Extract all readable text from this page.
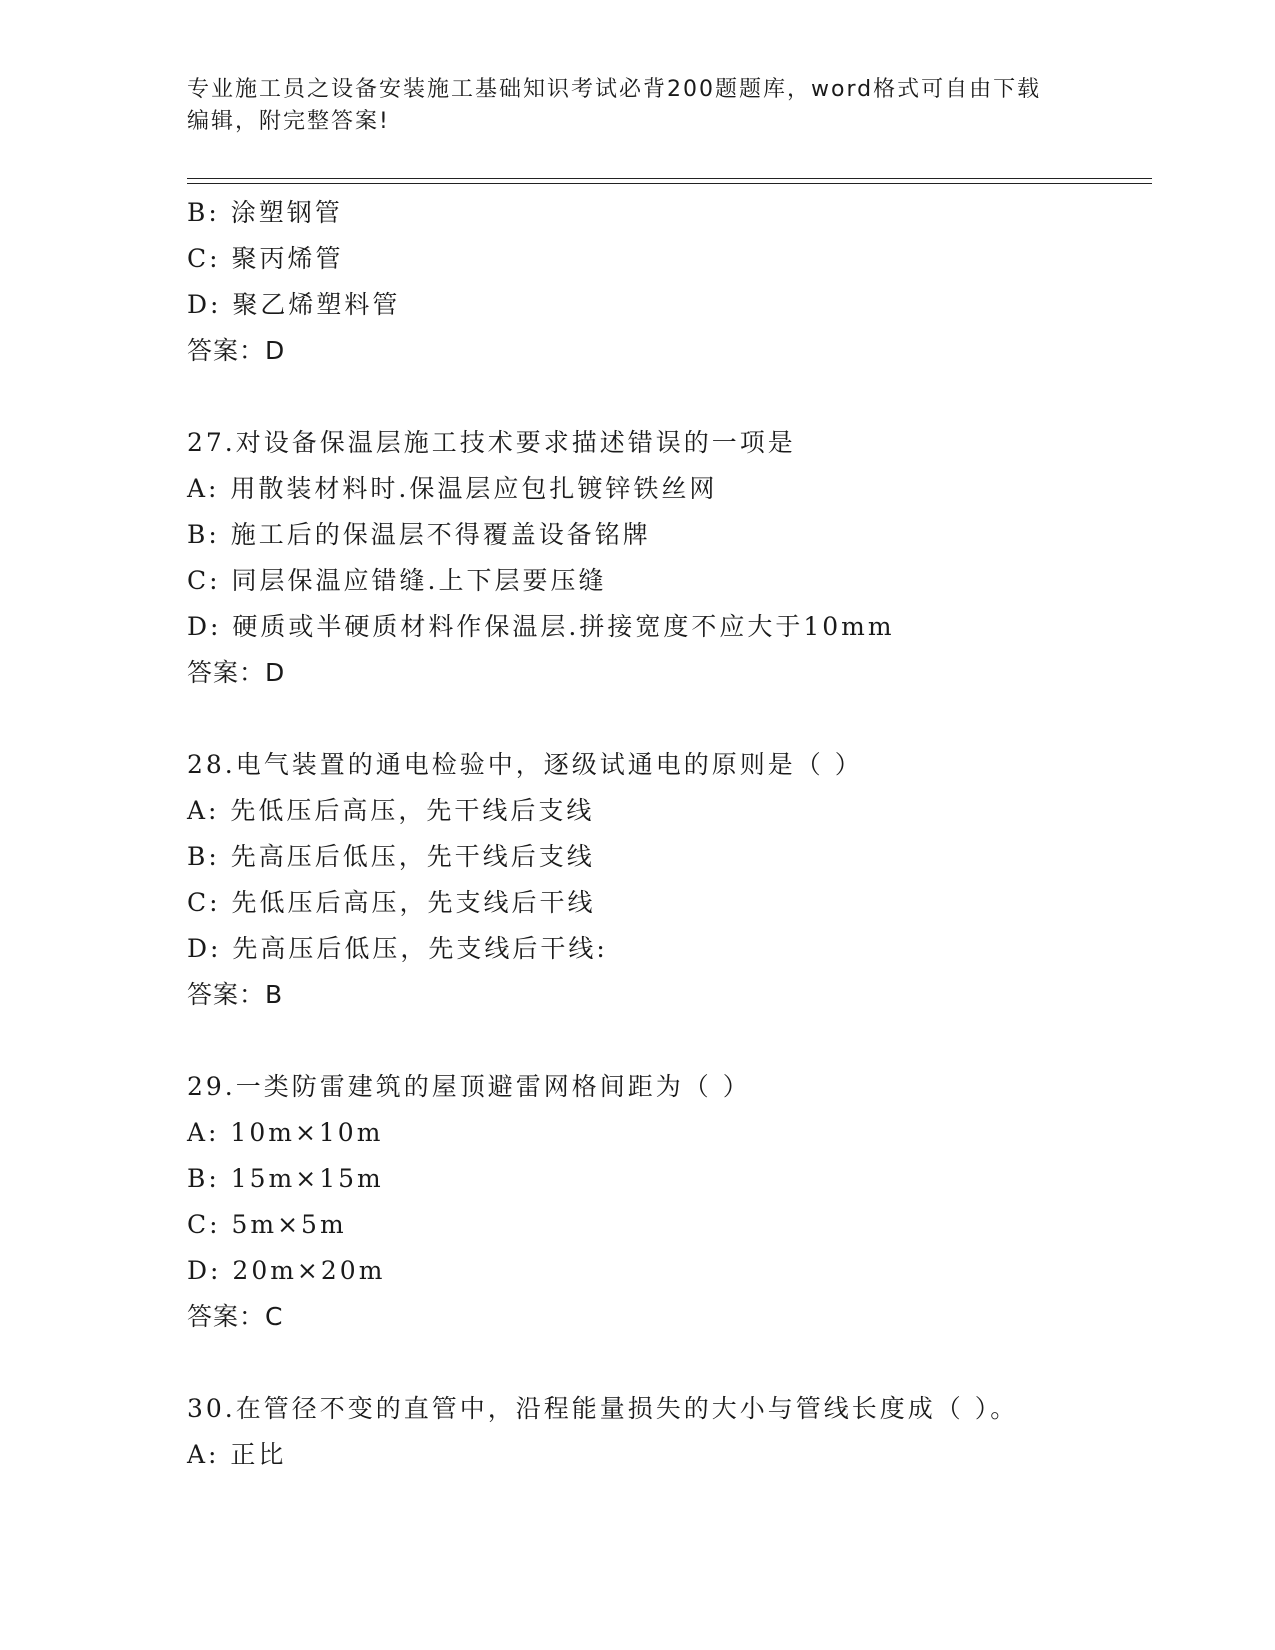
专业施工员之设备安装施工基础知识考试必背200题题库，word格式可自由下载
编辑，附完整答案!
B: 涂塑钢管
C: 聚丙烯管
D: 聚乙烯塑料管
答案：D
27.对设备保温层施工技术要求描述错误的一项是
A: 用散装材料时.保温层应包扎镀锌铁丝网
B: 施工后的保温层不得覆盖设备铭牌
C: 同层保温应错缝.上下层要压缝
D: 硬质或半硬质材料作保温层.拼接宽度不应大于10mm
答案：D
28.电气装置的通电检验中，逐级试通电的原则是（ ）
A: 先低压后高压，先干线后支线
B: 先高压后低压，先干线后支线
C: 先低压后高压，先支线后干线
D: 先高压后低压，先支线后干线:
答案：B
29.一类防雷建筑的屋顶避雷网格间距为（ ）
A: 10m×10m
B: 15m×15m
C: 5m×5m
D: 20m×20m
答案：C
30.在管径不变的直管中，沿程能量损失的大小与管线长度成（ ）。
A: 正比
